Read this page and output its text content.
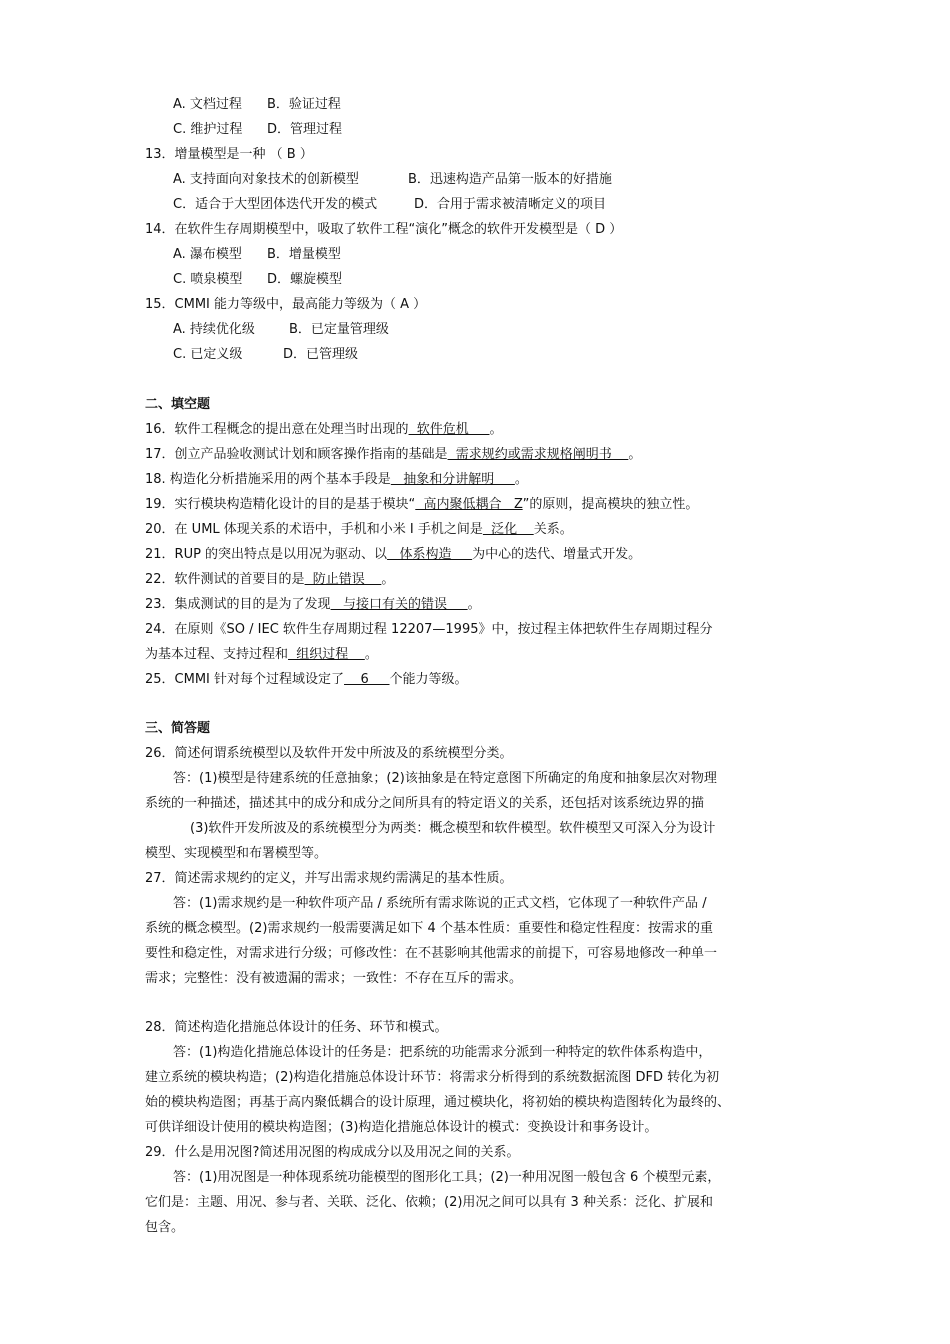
A. 文档过程 B．验证过程
C. 维护过程 D．管理过程
13．增量模型是一种 （ B ）
A. 支持面向对象技术的创新模型	B．迅速构造产品第一版本的好措施
C．适合于大型团体迭代开发的模式	D．合用于需求被清晰定义的项目
14．在软件生存周期模型中，吸取了软件工程“演化”概念的软件开发模型是（ D ）
A. 瀑布模型 B．增量模型
C. 喷泉模型 D．螺旋模型
15．CMMI 能力等级中，最高能力等级为（ A ）
A. 持续优化级	B．已定量管理级
C. 已定义级	D．已管理级
二、填空题
16．软件工程概念的提出意在处理当时出现的  软件危机     。
17．创立产品验收测试计划和顾客操作指南的基础是  需求规约或需求规格阐明书    。
18. 构造化分析措施采用的两个基本手段是   抽象和分讲解明     。
19．实行模块构造精化设计的目的是基于模块“  高内聚低耦合   Z”的原则，提高模块的独立性。
20．在 UML 体现关系的术语中，手机和小米 I 手机之间是  泛化    关系。
21．RUP 的突出特点是以用况为驱动、以   体系构造     为中心的迭代、增量式开发。
22．软件测试的首要目的是  防止错误    。
23．集成测试的目的是为了发现   与接口有关的错误     。
24．在原则《SO / IEC 软件生存周期过程 12207—1995》中，按过程主体把软件生存周期过程分
为基本过程、支持过程和  组织过程    。
25．CMMI 针对每个过程域设定了    6     个能力等级。
三、简答题
26．简述何谓系统模型以及软件开发中所波及的系统模型分类。
答：(1)模型是待建系统的任意抽象；(2)该抽象是在特定意图下所确定的角度和抽象层次对物理
系统的一种描述，描述其中的成分和成分之间所具有的特定语义的关系，还包括对该系统边界的描
(3)软件开发所波及的系统模型分为两类：概念模型和软件模型。软件模型又可深入分为设计
模型、实现模型和布署模型等。
27．简述需求规约的定义，并写出需求规约需满足的基本性质。
答：(1)需求规约是一种软件项产品 / 系统所有需求陈说的正式文档，它体现了一种软件产品 /
系统的概念模型。(2)需求规约一般需要满足如下 4 个基本性质：重要性和稳定性程度：按需求的重
要性和稳定性，对需求进行分级；可修改性：在不甚影响其他需求的前提下，可容易地修改一种单一
需求；完整性：没有被遗漏的需求；一致性：不存在互斥的需求。
28．简述构造化措施总体设计的任务、环节和模式。
答：(1)构造化措施总体设计的任务是：把系统的功能需求分派到一种特定的软件体系构造中，
建立系统的模块构造；(2)构造化措施总体设计环节：将需求分析得到的系统数据流图 DFD 转化为初
始的模块构造图；再基于高内聚低耦合的设计原理，通过模块化，将初始的模块构造图转化为最终的、
可供详细设计使用的模块构造图；(3)构造化措施总体设计的模式：变换设计和事务设计。
29．什么是用况图?简述用况图的构成成分以及用况之间的关系。
答：(1)用况图是一种体现系统功能模型的图形化工具；(2)一种用况图一般包含 6 个模型元素，
它们是：主题、用况、参与者、关联、泛化、依赖；(2)用况之间可以具有 3 种关系：泛化、扩展和
包含。
